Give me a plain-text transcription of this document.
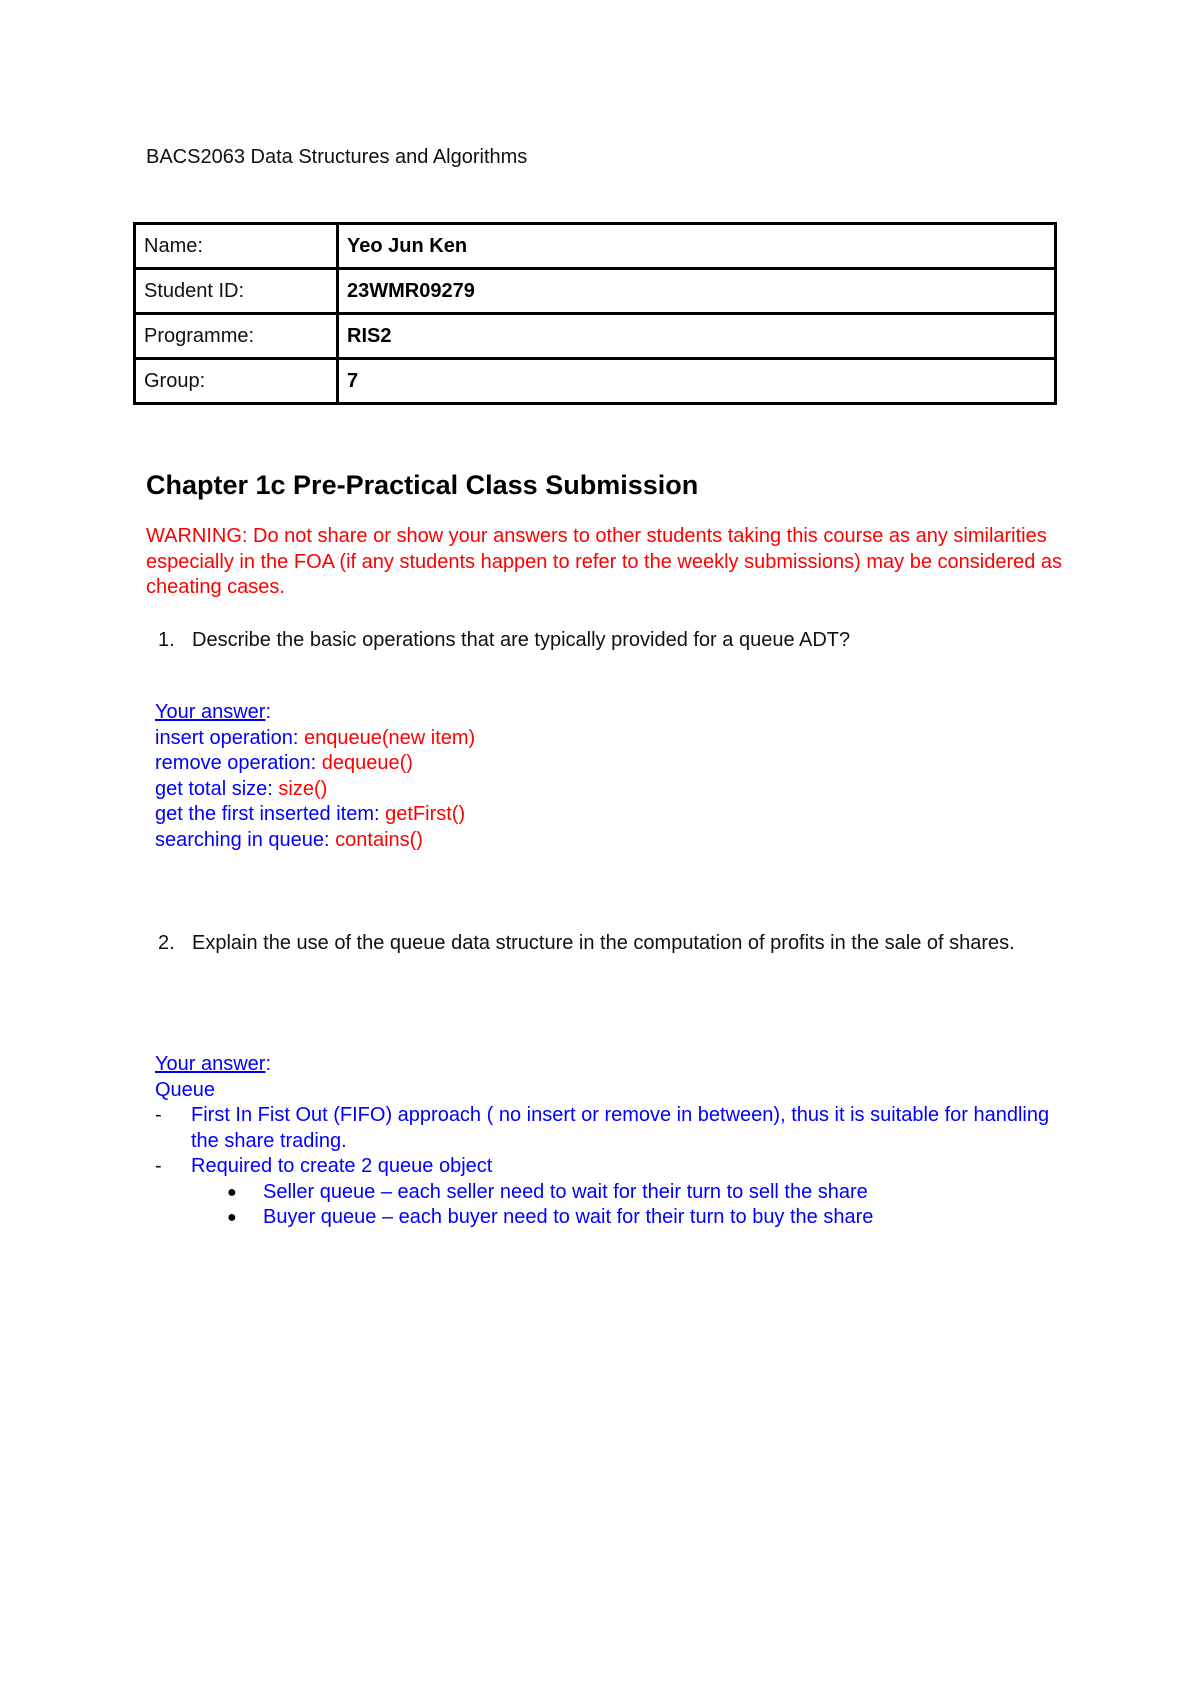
BACS2063 Data Structures and Algorithms
Name:	Yeo Jun Ken
Student ID:	23WMR09279
Programme:	RIS2
Group:	7
Chapter 1c Pre-Practical Class Submission
WARNING: Do not share or show your answers to other students taking this course as any similarities especially in the FOA (if any students happen to refer to the weekly submissions) may be considered as cheating cases.
1. Describe the basic operations that are typically provided for a queue ADT?
Your answer:
insert operation: enqueue(new item)
remove operation: dequeue()
get total size: size()
get the first inserted item: getFirst()
searching in queue: contains()
2. Explain the use of the queue data structure in the computation of profits in the sale of shares.
Your answer:
Queue
-	First In Fist Out (FIFO) approach ( no insert or remove in between), thus it is suitable for handling the share trading.
-	Required to create 2 queue object
●	Seller queue – each seller need to wait for their turn to sell the share
●	Buyer queue – each buyer need to wait for their turn to buy the share
